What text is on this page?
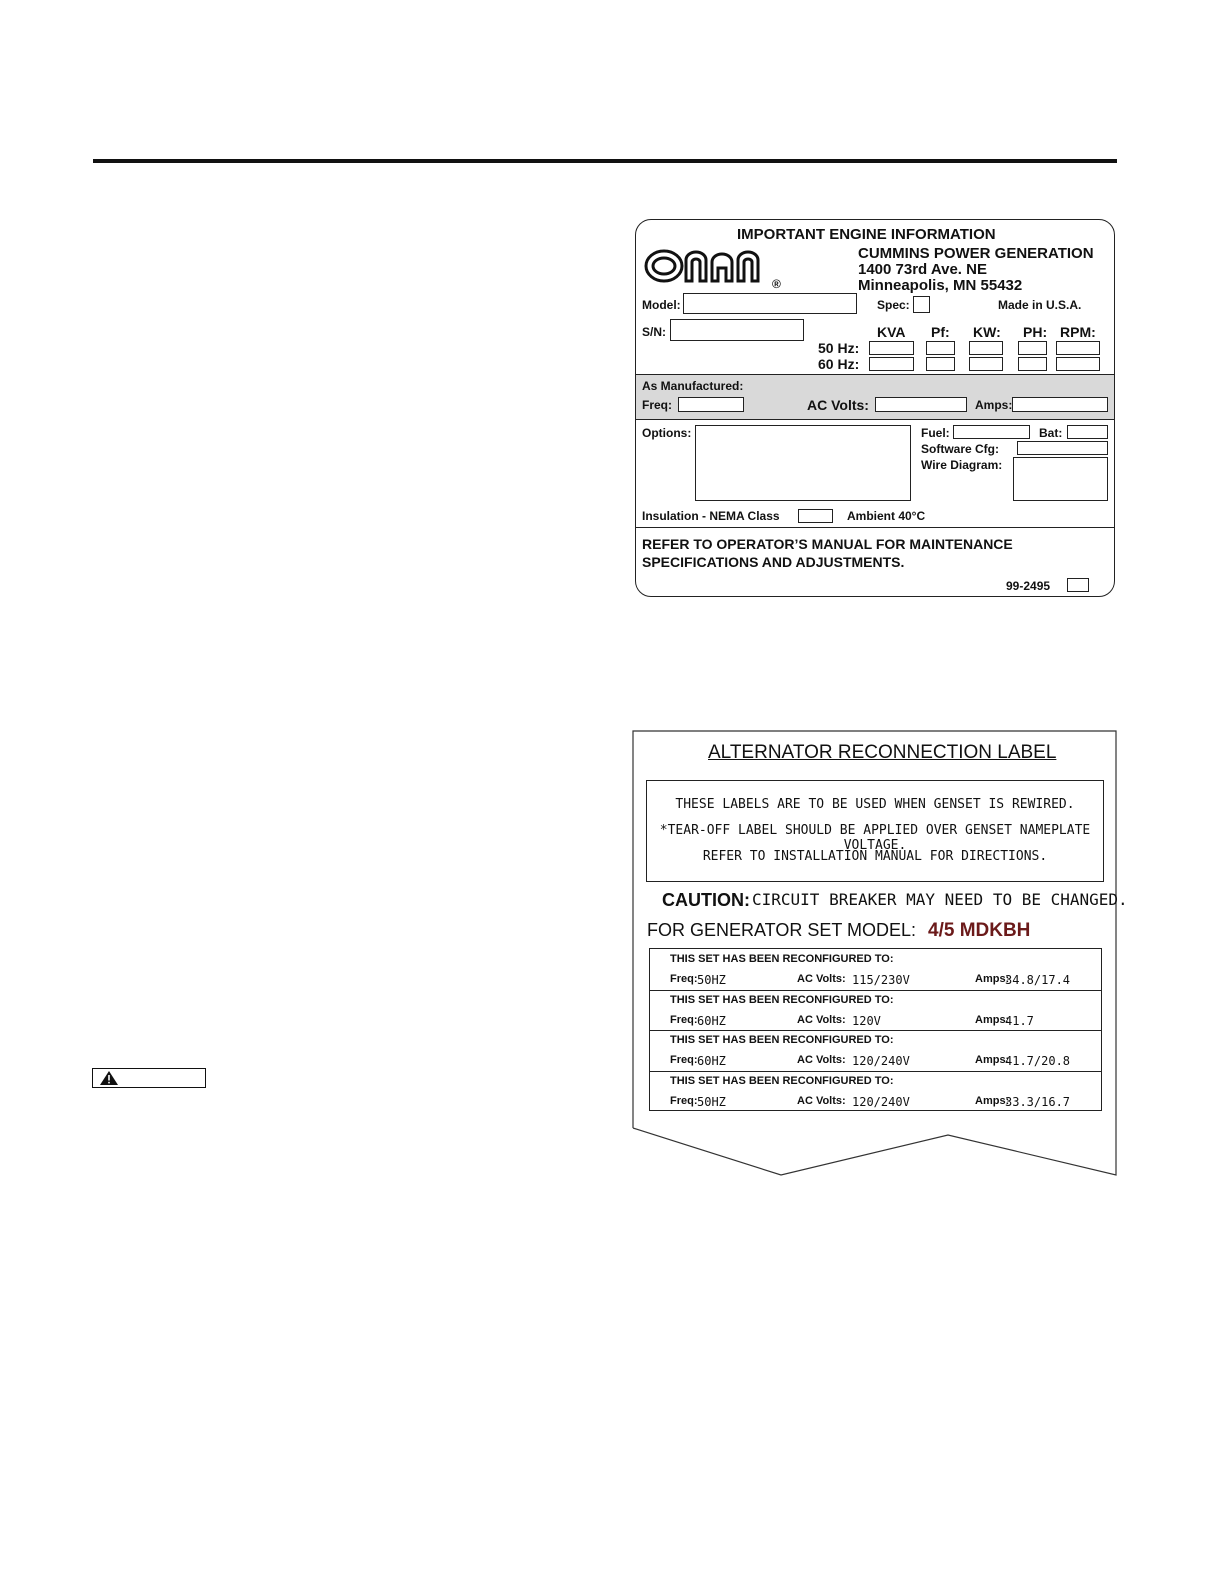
IMPORTANT ENGINE INFORMATION
®
CUMMINS POWER GENERATION
1400 73rd Ave. NE
Minneapolis, MN 55432
Model:	Spec:	Made in U.S.A.
S/N:	KVA Pf: KW: PH: RPM:
50 Hz:
60 Hz:
As Manufactured:
Freq:	AC Volts:	Amps:
Options:	Fuel:	Bat:
Software Cfg:
Wire Diagram:
Insulation - NEMA Class	Ambient 40°C
REFER TO OPERATOR’S MANUAL FOR MAINTENANCE
SPECIFICATIONS AND ADJUSTMENTS.
99-2495
ALTERNATOR RECONNECTION LABEL
THESE LABELS ARE TO BE USED WHEN GENSET IS REWIRED.
*TEAR-OFF LABEL SHOULD BE APPLIED OVER GENSET NAMEPLATE VOLTAGE.
REFER TO INSTALLATION MANUAL FOR DIRECTIONS.
CAUTION: CIRCUIT BREAKER MAY NEED TO BE CHANGED.
FOR GENERATOR SET MODEL: 4/5 MDKBH
THIS SET HAS BEEN RECONFIGURED TO:
Freq: 50HZ	AC Volts: 115/230V	Amps:
34.8/17.4
THIS SET HAS BEEN RECONFIGURED TO:
Freq: 60HZ	AC Volts: 120V	Amps:
41.7
THIS SET HAS BEEN RECONFIGURED TO:
Freq: 60HZ	AC Volts: 120/240V	Amps:
41.7/20.8
THIS SET HAS BEEN RECONFIGURED TO:
Freq: 50HZ	AC Volts: 120/240V	Amps:
33.3/16.7
